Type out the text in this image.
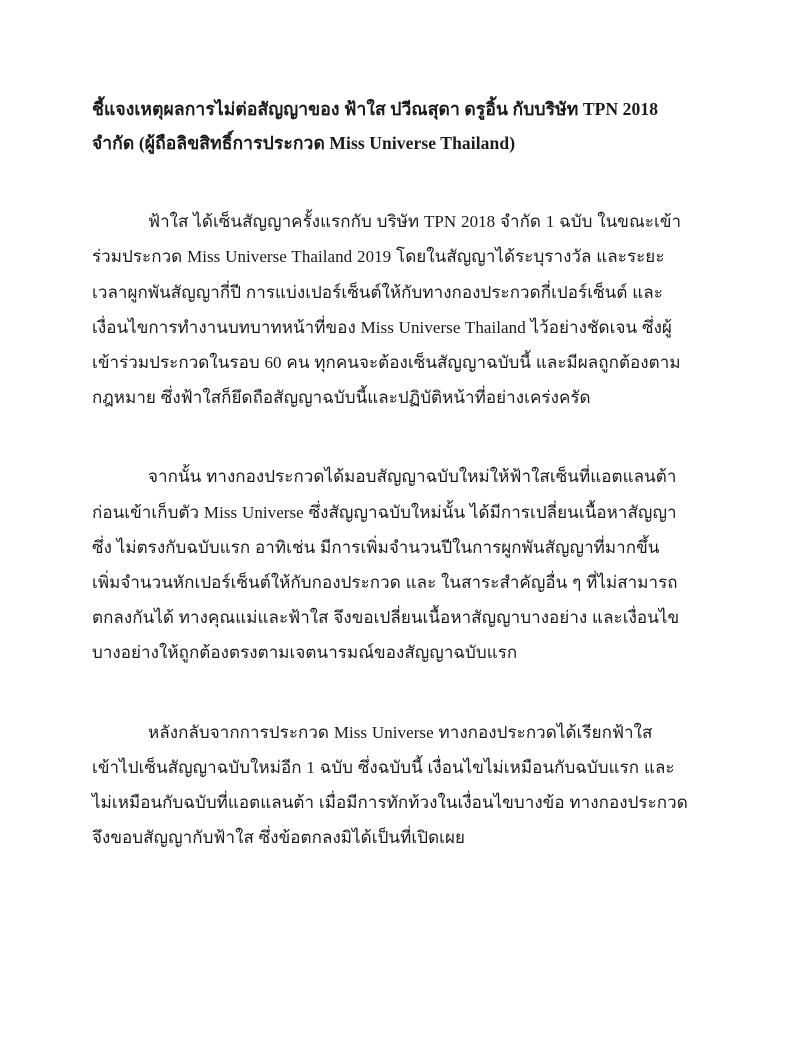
ชี้แจงเหตุผลการไม่ต่อสัญญาของ ฟ้าใส ปวีณสุดา ดรูอิ้น กับบริษัท TPN 2018 จำกัด (ผู้ถือลิขสิทธิ์การประกวด Miss Universe Thailand)

ฟ้าใส ได้เซ็นสัญญาครั้งแรกกับ บริษัท TPN 2018 จำกัด 1 ฉบับ ในขณะเข้าร่วมประกวด Miss Universe Thailand 2019 โดยในสัญญาได้ระบุรางวัล และระยะเวลาผูกพันสัญญากี่ปี การแบ่งเปอร์เซ็นต์ให้กับทางกองประกวดกี่เปอร์เซ็นต์ และเงื่อนไขการทำงานบทบาทหน้าที่ของ Miss Universe Thailand ไว้อย่างชัดเจน ซึ่งผู้เข้าร่วมประกวดในรอบ 60 คน ทุกคนจะต้องเซ็นสัญญาฉบับนี้ และมีผลถูกต้องตามกฎหมาย ซึ่งฟ้าใสก็ยึดถือสัญญาฉบับนี้และปฏิบัติหน้าที่อย่างเคร่งครัด

จากนั้น ทางกองประกวดได้มอบสัญญาฉบับใหม่ให้ฟ้าใสเซ็นที่แอตแลนต้า ก่อนเข้าเก็บตัว Miss Universe ซึ่งสัญญาฉบับใหม่นั้น ได้มีการเปลี่ยนเนื้อหาสัญญาซึ่ง ไม่ตรงกับฉบับแรก อาทิเช่น มีการเพิ่มจำนวนปีในการผูกพันสัญญาที่มากขึ้น เพิ่มจำนวนหักเปอร์เซ็นต์ให้กับกองประกวด และ ในสาระสำคัญอื่น ๆ ที่ไม่สามารถตกลงกันได้ ทางคุณแม่และฟ้าใส จึงขอเปลี่ยนเนื้อหาสัญญาบางอย่าง และเงื่อนไขบางอย่างให้ถูกต้องตรงตามเจตนารมณ์ของสัญญาฉบับแรก

หลังกลับจากการประกวด Miss Universe ทางกองประกวดได้เรียกฟ้าใสเข้าไปเซ็นสัญญาฉบับใหม่อีก 1 ฉบับ ซึ่งฉบับนี้ เงื่อนไขไม่เหมือนกับฉบับแรก และไม่เหมือนกับฉบับที่แอตแลนต้า เมื่อมีการทักท้วงในเงื่อนไขบางข้อ ทางกองประกวดจึงขอบสัญญากับฟ้าใส ซึ่งข้อตกลงมิได้เป็นที่เปิดเผย
